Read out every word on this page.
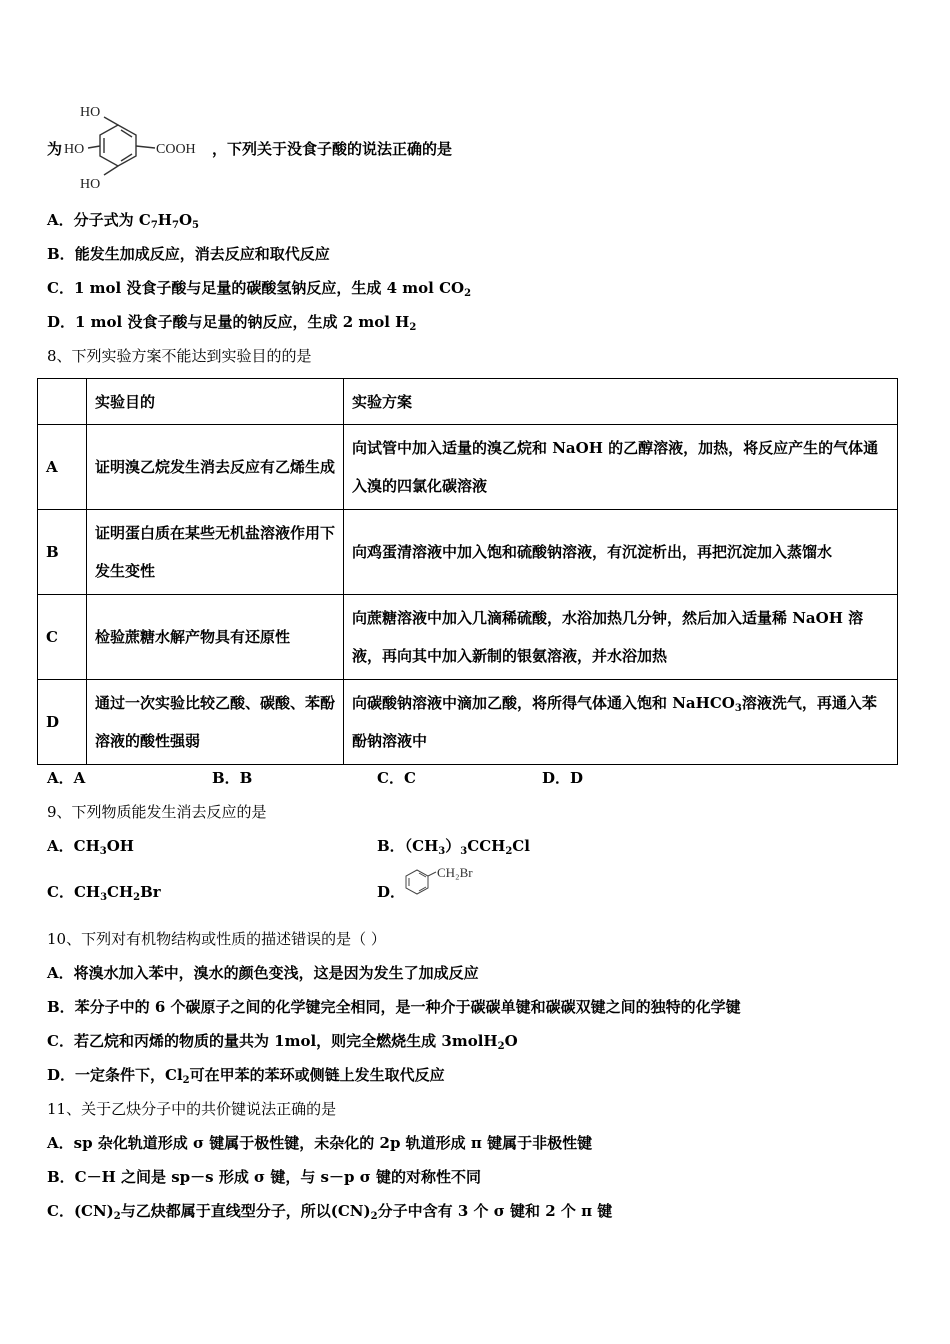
为
HO
HO
HO
COOH ，下列关于没食子酸的说法正确的是
A．分子式为 $C_7H_7O_5$
B．能发生加成反应，消去反应和取代反应
C．1 mol 没食子酸与足量的碳酸氢钠反应，生成 4 mol $CO_2$
D．1 mol 没食子酸与足量的钠反应，生成 2 mol $H_2$
8、下列实验方案不能达到实验目的的是
	实验目的	实验方案
A	证明溴乙烷发生消去反应有乙烯生成	向试管中加入适量的溴乙烷和 NaOH 的乙醇溶液，加热，将反应产生的气体通入溴的四氯化碳溶液
B	证明蛋白质在某些无机盐溶液作用下发生变性	向鸡蛋清溶液中加入饱和硫酸钠溶液，有沉淀析出，再把沉淀加入蒸馏水
C	检验蔗糖水解产物具有还原性	向蔗糖溶液中加入几滴稀硫酸，水浴加热几分钟，然后加入适量稀 NaOH 溶液，再向其中加入新制的银氨溶液，并水浴加热
D	通过一次实验比较乙酸、碳酸、苯酚溶液的酸性强弱	向碳酸钠溶液中滴加乙酸，将所得气体通入饱和 NaHCO$_3$溶液洗气，再通入苯酚钠溶液中
A．A	B．B	C．C	D．D
9、下列物质能发生消去反应的是
A．$CH_3OH$	B．$(CH_3)_3CCH_2Cl$
C．$CH_3CH_2Br$	D．
CH₂Br
10、下列对有机物结构或性质的描述错误的是（ ）
A．将溴水加入苯中，溴水的颜色变浅，这是因为发生了加成反应
B．苯分子中的 6 个碳原子之间的化学键完全相同，是一种介于碳碳单键和碳碳双键之间的独特的化学键
C．若乙烷和丙烯的物质的量共为 1mol，则完全燃烧生成 3molH$_2$O
D．一定条件下，$Cl_2$可在甲苯的苯环或侧链上发生取代反应
11、关于乙炔分子中的共价键说法正确的是
A．sp 杂化轨道形成 σ 键属于极性键，未杂化的 2p 轨道形成 π 键属于非极性键
B．C－H 之间是 sp－s 形成 σ 键，与 s－p σ 键的对称性不同
C．$(CN)_2$与乙炔都属于直线型分子，所以$(CN)_2$分子中含有 3 个 σ 键和 2 个 π 键
